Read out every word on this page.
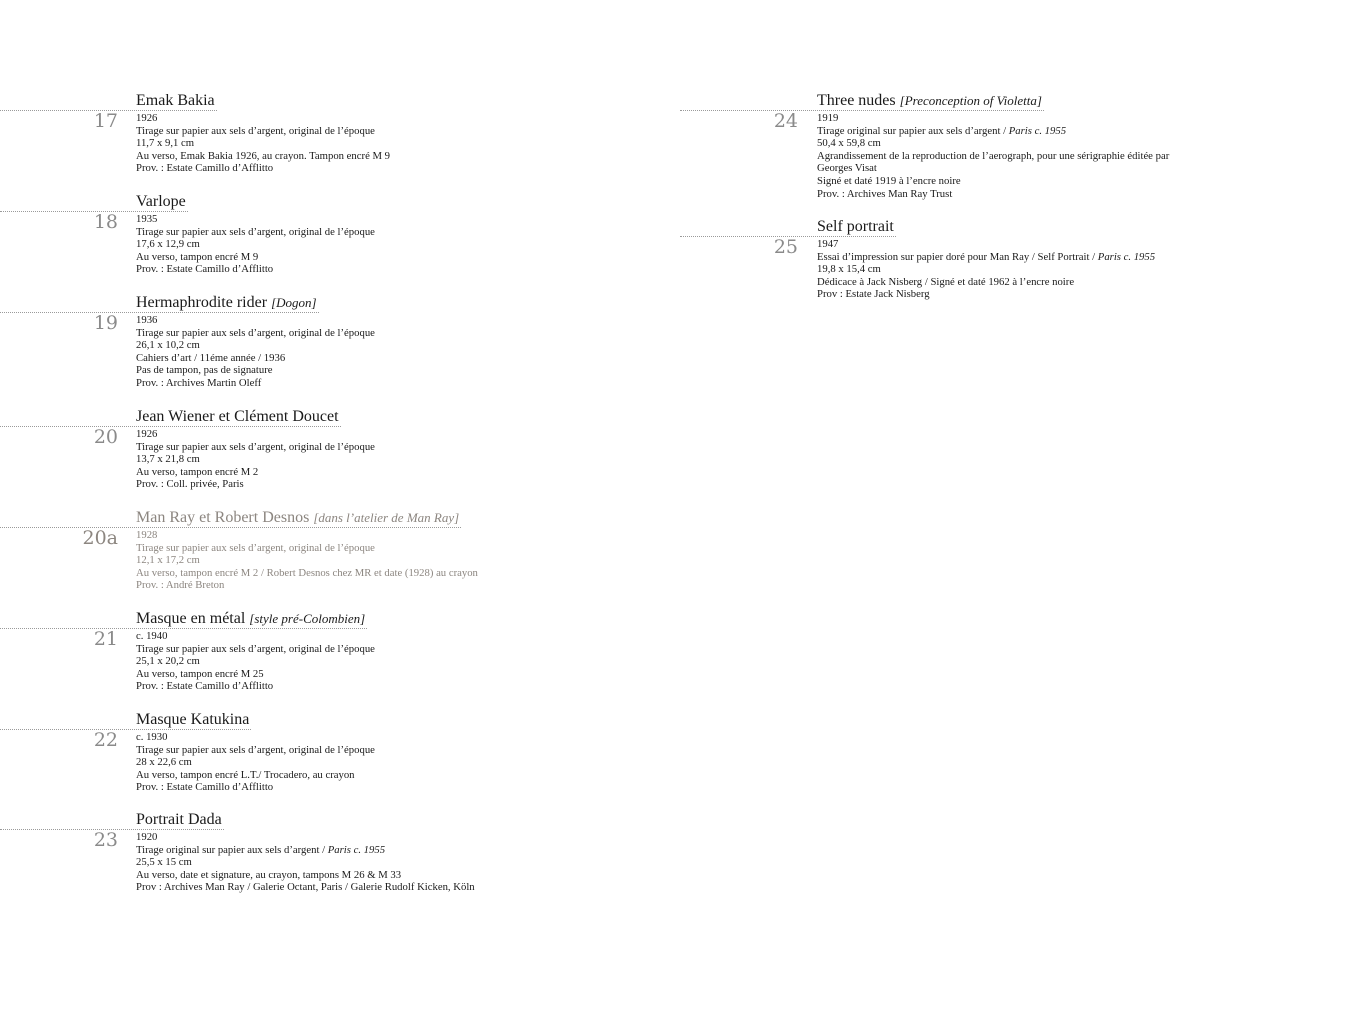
Emak Bakia
17 1926
Tirage sur papier aux sels d’argent, original de l’époque
11,7 x 9,1 cm
Au verso, Emak Bakia 1926, au crayon. Tampon encré M 9
Prov. : Estate Camillo d’Afflitto
Varlope
18 1935
Tirage sur papier aux sels d’argent, original de l’époque
17,6 x 12,9 cm
Au verso, tampon encré M 9
Prov. : Estate Camillo d’Afflitto
Hermaphrodite rider [Dogon]
19 1936
Tirage sur papier aux sels d’argent, original de l’époque
26,1 x 10,2 cm
Cahiers d’art / 11éme année / 1936
Pas de tampon, pas de signature
Prov. : Archives Martin Oleff
Jean Wiener et Clément Doucet
20 1926
Tirage sur papier aux sels d’argent, original de l’époque
13,7 x 21,8 cm
Au verso, tampon encré M 2
Prov. : Coll. privée, Paris
Man Ray et Robert Desnos [dans l’atelier de Man Ray]
20a 1928
Tirage sur papier aux sels d’argent, original de l’époque
12,1 x 17,2 cm
Au verso, tampon encré M 2 / Robert Desnos chez MR et date (1928) au crayon
Prov. : André Breton
Masque en métal [style pré-Colombien]
21 c. 1940
Tirage sur papier aux sels d’argent, original de l’époque
25,1 x 20,2 cm
Au verso, tampon encré M 25
Prov. : Estate Camillo d’Afflitto
Masque Katukina
22 c. 1930
Tirage sur papier aux sels d’argent, original de l’époque
28 x 22,6 cm
Au verso, tampon encré L.T./ Trocadero, au crayon
Prov. : Estate Camillo d’Afflitto
Portrait Dada
23 1920
Tirage original sur papier aux sels d’argent / Paris c. 1955
25,5 x 15 cm
Au verso, date et signature, au crayon, tampons M 26 & M 33
Prov : Archives Man Ray / Galerie Octant, Paris / Galerie Rudolf Kicken, Köln
Three nudes [Preconception of Violetta]
24 1919
Tirage original sur papier aux sels d’argent / Paris c. 1955
50,4 x 59,8 cm
Agrandissement de la reproduction de l’aerograph, pour une sérigraphie éditée par
Georges Visat
Signé et daté 1919 à l’encre noire
Prov. : Archives Man Ray Trust
Self portrait
25 1947
Essai d’impression sur papier doré pour Man Ray / Self Portrait / Paris c. 1955
19,8 x 15,4 cm
Dédicace à Jack Nisberg / Signé et daté 1962 à l’encre noire
Prov : Estate Jack Nisberg
